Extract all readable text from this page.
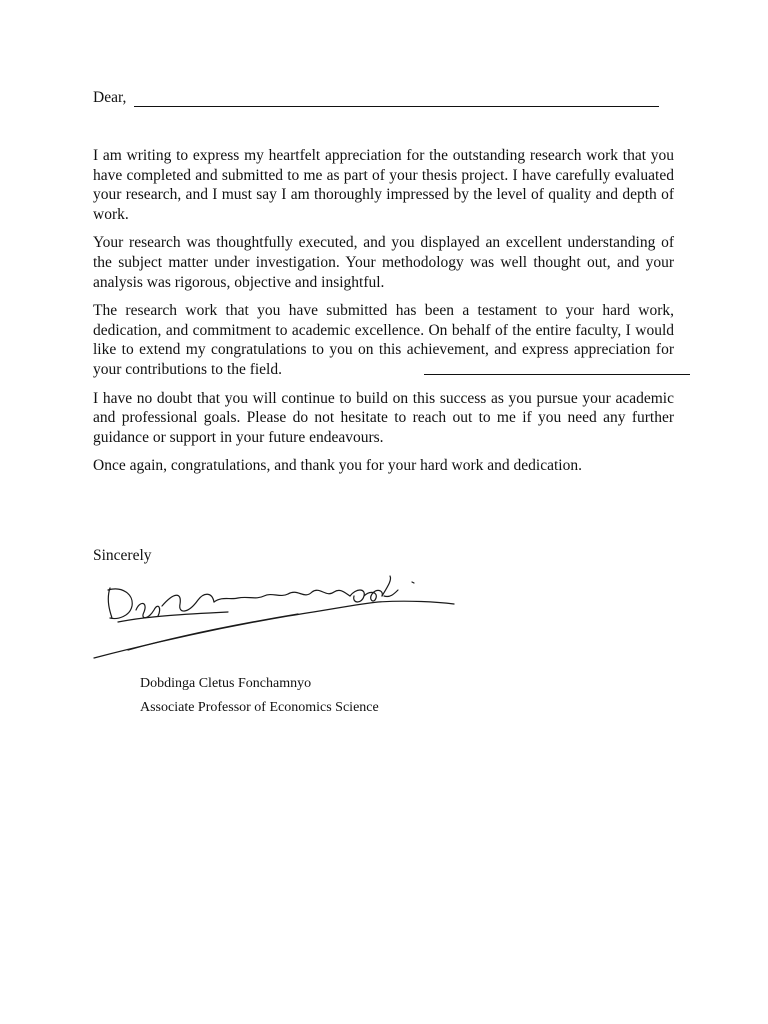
Dear,

I am writing to express my heartfelt appreciation for the outstanding research work that you have completed and submitted to me as part of your thesis project. I have carefully evaluated your research, and I must say I am thoroughly impressed by the level of quality and depth of work.

Your research was thoughtfully executed, and you displayed an excellent understanding of the subject matter under investigation. Your methodology was well thought out, and your analysis was rigorous, objective and insightful.

The research work that you have submitted has been a testament to your hard work, dedication, and commitment to academic excellence. On behalf of the entire faculty, I would like to extend my congratulations to you on this achievement, and express appreciation for your contributions to the field.

I have no doubt that you will continue to build on this success as you pursue your academic and professional goals. Please do not hesitate to reach out to me if you need any further guidance or support in your future endeavours.

Once again, congratulations, and thank you for your hard work and dedication.

Sincerely
Dobdinga Cletus Fonchamnyo
Associate Professor of Economics Science
